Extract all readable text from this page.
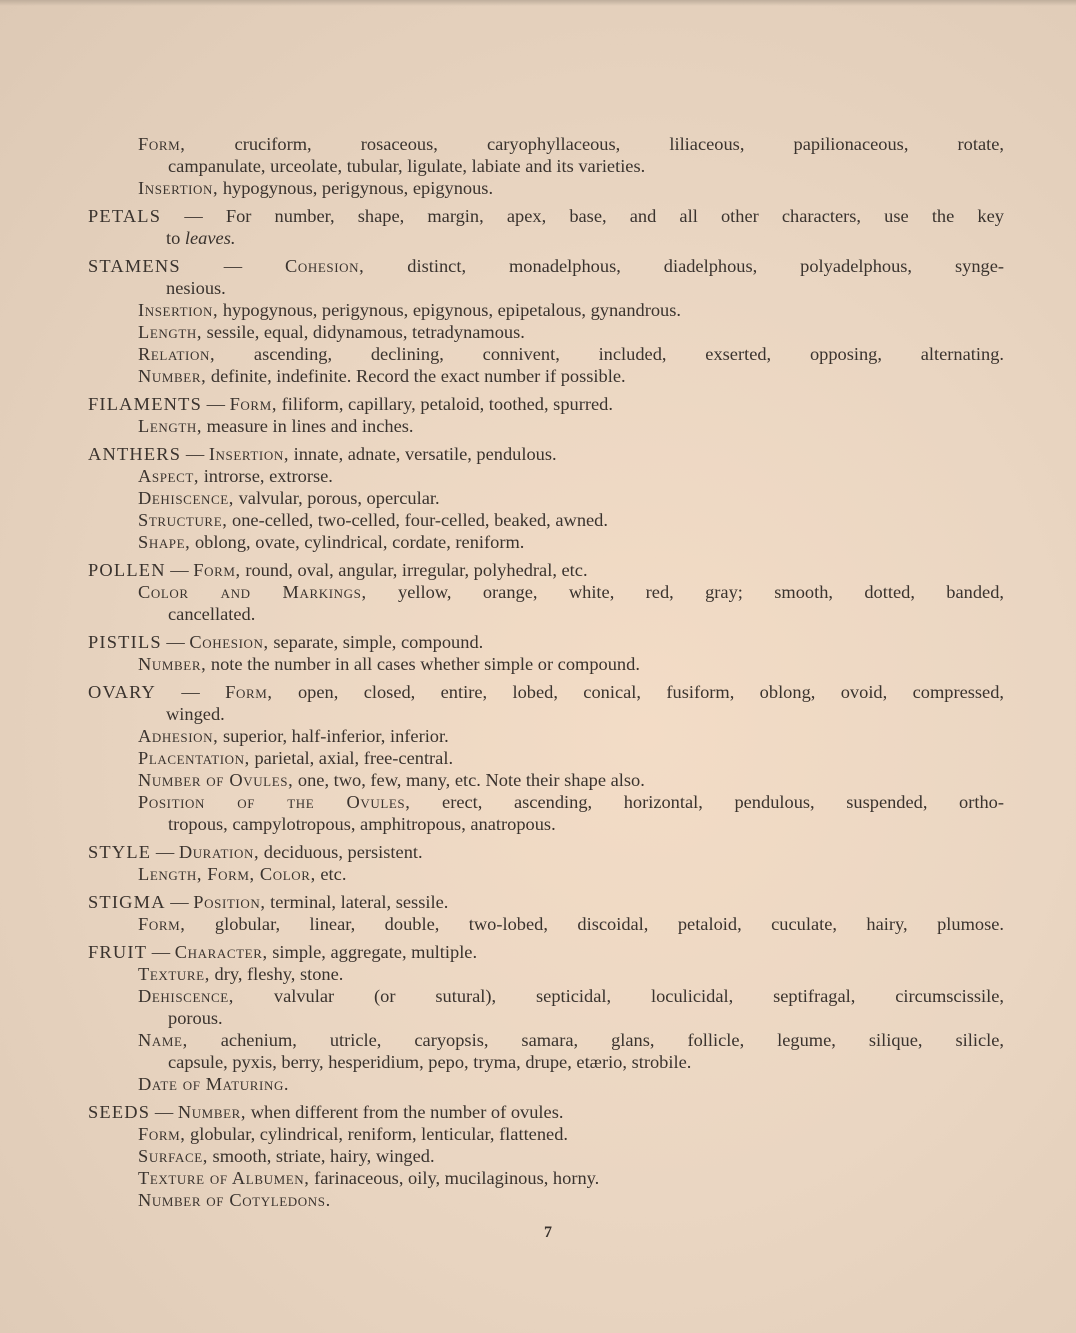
Form, cruciform, rosaceous, caryophyllaceous, liliaceous, papilionaceous, rotate,
campanulate, urceolate, tubular, ligulate, labiate and its varieties.
Insertion, hypogynous, perigynous, epigynous.
PETALS — For number, shape, margin, apex, base, and all other characters, use the key
to leaves.
STAMENS — Cohesion, distinct, monadelphous, diadelphous, polyadelphous, synge-
nesious.
Insertion, hypogynous, perigynous, epigynous, epipetalous, gynandrous.
Length, sessile, equal, didynamous, tetradynamous.
Relation, ascending, declining, connivent, included, exserted, opposing, alternating.
Number, definite, indefinite. Record the exact number if possible.
FILAMENTS — Form, filiform, capillary, petaloid, toothed, spurred.
Length, measure in lines and inches.
ANTHERS — Insertion, innate, adnate, versatile, pendulous.
Aspect, introrse, extrorse.
Dehiscence, valvular, porous, opercular.
Structure, one-celled, two-celled, four-celled, beaked, awned.
Shape, oblong, ovate, cylindrical, cordate, reniform.
POLLEN — Form, round, oval, angular, irregular, polyhedral, etc.
Color and Markings, yellow, orange, white, red, gray; smooth, dotted, banded,
cancellated.
PISTILS — Cohesion, separate, simple, compound.
Number, note the number in all cases whether simple or compound.
OVARY — Form, open, closed, entire, lobed, conical, fusiform, oblong, ovoid, compressed,
winged.
Adhesion, superior, half-inferior, inferior.
Placentation, parietal, axial, free-central.
Number of Ovules, one, two, few, many, etc. Note their shape also.
Position of the Ovules, erect, ascending, horizontal, pendulous, suspended, ortho-
tropous, campylotropous, amphitropous, anatropous.
STYLE — Duration, deciduous, persistent.
Length, Form, Color, etc.
STIGMA — Position, terminal, lateral, sessile.
Form, globular, linear, double, two-lobed, discoidal, petaloid, cuculate, hairy, plumose.
FRUIT — Character, simple, aggregate, multiple.
Texture, dry, fleshy, stone.
Dehiscence, valvular (or sutural), septicidal, loculicidal, septifragal, circumscissile,
porous.
Name, achenium, utricle, caryopsis, samara, glans, follicle, legume, silique, silicle,
capsule, pyxis, berry, hesperidium, pepo, tryma, drupe, etærio, strobile.
Date of Maturing.
SEEDS — Number, when different from the number of ovules.
Form, globular, cylindrical, reniform, lenticular, flattened.
Surface, smooth, striate, hairy, winged.
Texture of Albumen, farinaceous, oily, mucilaginous, horny.
Number of Cotyledons.
7
